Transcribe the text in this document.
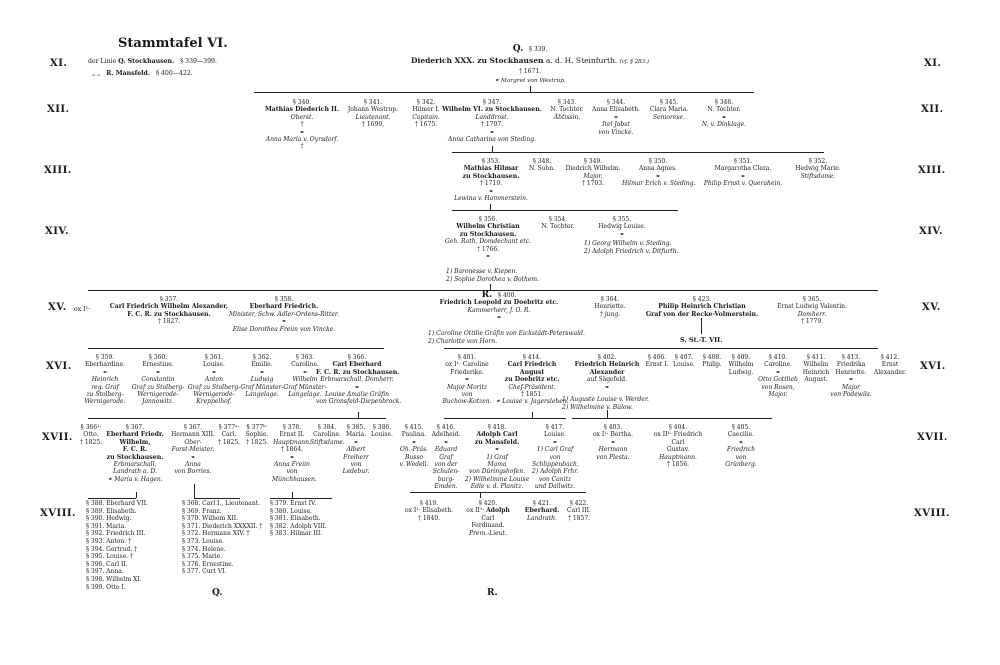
Stammtafel VI.
der Linie Q. Stockhausen. § 339—399.
„ „ R. Mansfeld. § 400—422.
XI.
XII.
XIII.
XIV.
XV.
XVI.
XVII.
XVIII.
XI.
XII.
XIII.
XIV.
XV.
XVI.
XVII.
XVIII.
Q. § 339.
Diederich XXX. zu Stockhausen a. d. H. Steinfurth. (cf. § 283.)
† 1671.
⚭ Margret von Westrup.
§ 340.
Mathias Diederich II.
Oberst.
†
⚭
Anna Maria v. Oyrsdorf.
†
§ 341.
Johann Westrup.
Lieutenant.
† 1699.
§ 342.
Hilmer I.
Capitain.
† 1675.
§ 347.
Wilhelm VI. zu Stockhausen.
Landdrost.
† 1707.
⚭
Anna Catharina von Steding.
§ 343.
N. Tochter.
Äbtissin.
§ 344.
Anna Elisabeth.
⚭
Itel Jobst
von Vincke.
§ 345.
Clara Maria.
Seniorese.
§ 346.
N. Tochter.
⚭
N. v. Dinklage.
§ 353.
Mathias Hilmar
zu Stockhausen.
† 1719.
⚭
Lewina v. Hammerstein.
§ 348.
N. Sohn.
§ 349.
Diedrich Wilhelm.
Major.
† 1703.
§ 350.
Anna Agnes.
⚭
Hilmar Erich v. Steding.
§ 351.
Margarotha Clara.
⚭
Philip Ernst v. Querahein.
§ 352.
Hedwig Marie.
Stiftsdame.
§ 356.
Wilhelm Christian
zu Stockhausen.
Geh. Rath, Domdechant etc.
† 1766.
⚭
1) Baronesse v. Kiepen.
2) Sophie Dorothea v. Bothem.
§ 354.
N. Tochter.
§ 355.
Hedwig Louise.
⚭
1) Georg Wilhelm v. Steding.
2) Adolph Friedrich v. Ditfurth.
ox I¹·
§ 357.
Carl Friedrich Wilhelm Alexander,
F. C. R. zu Stockhausen.
† 1827.
§ 358.
Eberhard Friedrich.
Minister, Schw. Adler-Ordens-Ritter.
⚭
Elise Dorothea Freiin von Vincke.
R. § 400.
Friedrich Leopold zu Doebritz etc.
Kammerherr, J. O. R.
⚭
1) Caroline Ottilie Gräfin von Eickstädt-Peterswald.
2) Charlotte von Horn.
§ 364.
Henriette.
† jung.
§ 423.
Philip Heinrich Christian
Graf von der Recke-Volmerstein.
S. St.-T. VII.
§ 365.
Ernst Ludwig Valentin.
Domherr.
† 1779.
§ 359.
Eberhardine.
⚭
Heinrich
reg. Graf
zu Stolberg-
Wernigerode.
§ 360.
Ernestine.
⚭
Constantin
Graf zu Stolberg-
Wernigerode-
Jannowitz.
§ 361.
Louise.
⚭
Anton
Graf zu Stolberg-
Wernigerode-
Kreppelhof.
§ 362.
Emilie.
⚭
Ludwig
Graf Münster-
Langelage.
§ 363.
Caroline.
⚭
Wilhelm
Graf Münster-
Langelage.
§ 366.
Carl Eberhard
F. C. R. zu Stockhausen.
Erbmarschall, Domherr.
⚭
Louise Amalie Gräfin
von Gronsfeld-Diepenbrock.
§ 401.
ox I¹· Caroline
Friederike.
⚭
Major Moritz
von
Buchow-Kotzen.
§ 414.
Carl Friedrich
August
zu Doebritz etc.
Chef-Präsident.
† 1851.
⚭ Louise v. Jagersleben.
§ 402.
Friedrich Heinrich
Alexander
auf Sägefeld.
⚭
1) Auguste Louise v. Werder.
2) Wilhelmine v. Bülow.
§ 406.
Ernst I.
§ 407.
Louise.
§ 408.
Philip.
§ 409.
Wilhelm
Ludwig.
§ 410.
Caroline.
⚭
Otto Gottlieb
von Rosen,
Major.
§ 411.
Wilhelm
Heinrich
August.
§ 413.
Friedrika
Henriette.
⚭
Major
von Podewils.
§ 412.
Ernst
Alexander.
§ 366¹·
Otto.
† 1825.
§ 367.
Eberhard Friedr.
Wilhelm,
F. C. R.
zu Stockhausen.
Erbmarschall,
Landrath a. D.
⚭ Maria v. Hagen.
§ 367.
Hermann XIII.
Ober-
Forst-Meister.
⚭
Anna
von Borries.
§ 377ᵃ·
Carl.
† 1825.
§ 377ᵇ·
Sophie.
† 1825.
§ 378.
Ernst II.
Hauptmann.
† 1864.
⚭
Anna Freiin
von
Münchhausen.
§ 384.
Caroline.
Stiftsdame.
§ 385.
Maria.
⚭
Albert
Freiherr
von
Ledebur.
§ 386.
Louise.
§ 415.
Paulina.
⚭
Oh.-Präs.
Busso
v. Wedell.
§ 416.
Adelheid.
⚭
Eduard
Graf
von der
Schulen-
burg-
Emden.
§ 418.
Adolph Carl
zu Mansfeld.
⚭
1) Graf
Mama
von Düringshofen.
2) Wilhelmine Louise
Edle v. d. Planitz.
§ 417.
Louise.
⚭
1) Carl Graf
von
Schlippenbach.
2) Adolph Frhr.
von Canitz
und Dallwitz.
§ 403.
ox I¹· Bertha.
⚭
Hermann
von Plesta.
§ 404.
ox II¹· Friedrich
Carl
Gustav.
Hauptmann.
† 1856.
§ 405.
Caecilie.
⚭
Friedrich
von
Grünberg.
§ 388. Eberhard VII.
§ 389. Elisabeth.
§ 390. Hedwig.
§ 391. Maria.
§ 392. Friedrich III.
§ 393. Anton. †
§ 394. Gertrud. †
§ 395. Louise. †
§ 396. Carl II.
§ 397. Anna.
§ 398. Wilhelm XI.
§ 399. Otto I.
§ 368. Carl I., Lieutenant.
§ 369. Franz.
§ 370. Wilhem XII.
§ 371. Diederich XXXXII. †
§ 372. Hermann XIV. †
§ 373. Louise.
§ 374. Helene.
§ 375. Marie.
§ 376. Ernestine.
§ 377. Curt VI.
§ 379. Ernst IV.
§ 380. Louise.
§ 381. Elisabeth.
§ 382. Adolph VIII.
§ 383. Hilmar III.
§ 419.
ox I¹· Elisabeth.
† 1840.
§ 420.
ox II¹· Adolph
Carl
Ferdinand.
Prem.-Lieut.
§ 421.
Eberhard.
Landrath.
§ 422.
Carl III.
† 1857.
Q.	R.
